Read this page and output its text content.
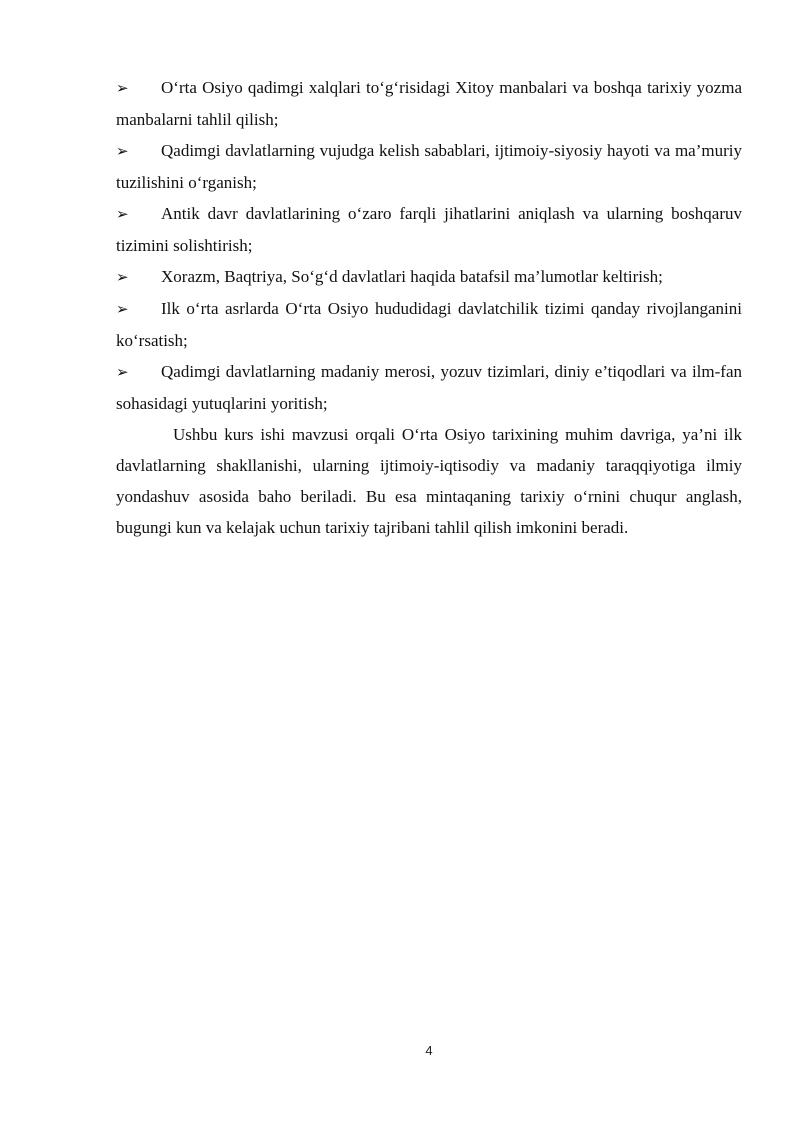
➢ O‘rta Osiyo qadimgi xalqlari to‘g‘risidagi Xitoy manbalari va boshqa tarixiy yozma manbalarni tahlil qilish;

➢ Qadimgi davlatlarning vujudga kelish sabablari, ijtimoiy-siyosiy hayoti va ma’muriy tuzilishini o‘rganish;

➢ Antik davr davlatlarining o‘zaro farqli jihatlarini aniqlash va ularning boshqaruv tizimini solishtirish;

➢ Xorazm, Baqtriya, So‘g‘d davlatlari haqida batafsil ma’lumotlar keltirish;

➢ Ilk o‘rta asrlarda O‘rta Osiyo hududidagi davlatchilik tizimi qanday rivojlanganini ko‘rsatish;

➢ Qadimgi davlatlarning madaniy merosi, yozuv tizimlari, diniy e’tiqodlari va ilm-fan sohasidagi yutuqlarini yoritish;

Ushbu kurs ishi mavzusi orqali O‘rta Osiyo tarixining muhim davriga, ya’ni ilk davlatlarning shakllanishi, ularning ijtimoiy-iqtisodiy va madaniy taraqqiyotiga ilmiy yondashuv asosida baho beriladi. Bu esa mintaqaning tarixiy o‘rnini chuqur anglash, bugungi kun va kelajak uchun tarixiy tajribani tahlil qilish imkonini beradi.

4
